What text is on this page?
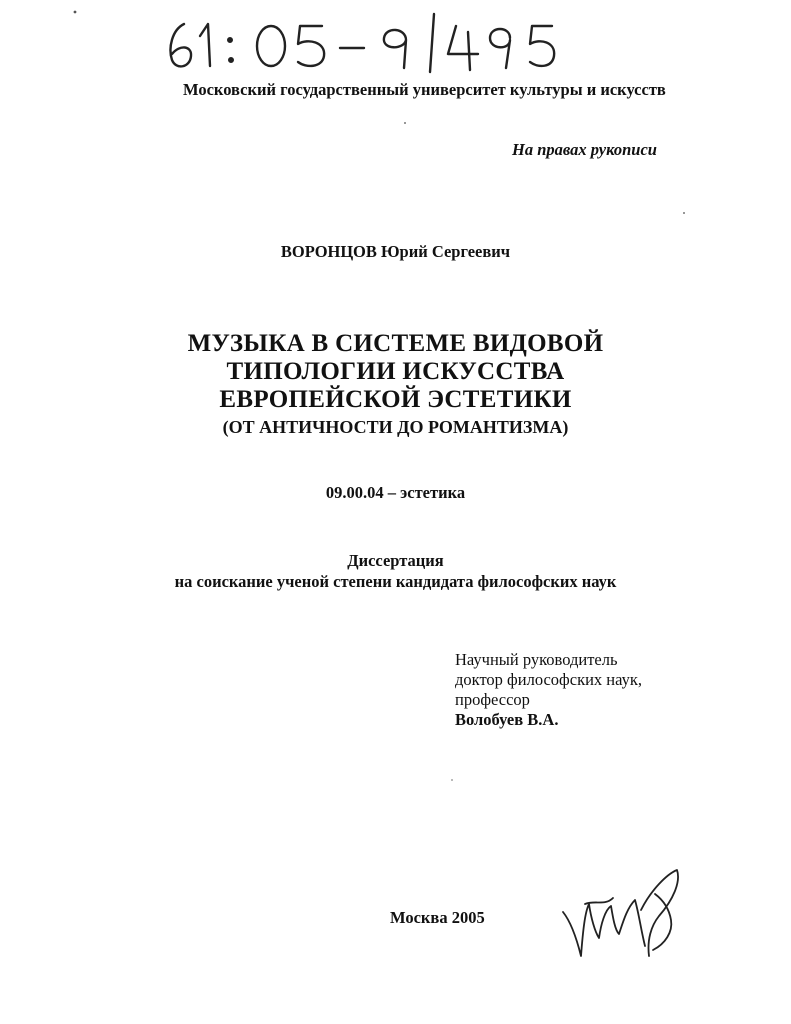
Московский государственный университет культуры и искусств
На правах рукописи
ВОРОНЦОВ Юрий Сергеевич
МУЗЫКА В СИСТЕМЕ ВИДОВОЙ
ТИПОЛОГИИ ИСКУССТВА
ЕВРОПЕЙСКОЙ ЭСТЕТИКИ
(ОТ АНТИЧНОСТИ ДО РОМАНТИЗМА)
09.00.04 – эстетика
Диссертация
на соискание ученой степени кандидата философских наук
Научный руководитель
доктор философских наук,
профессор
Волобуев В.А.
Москва 2005
